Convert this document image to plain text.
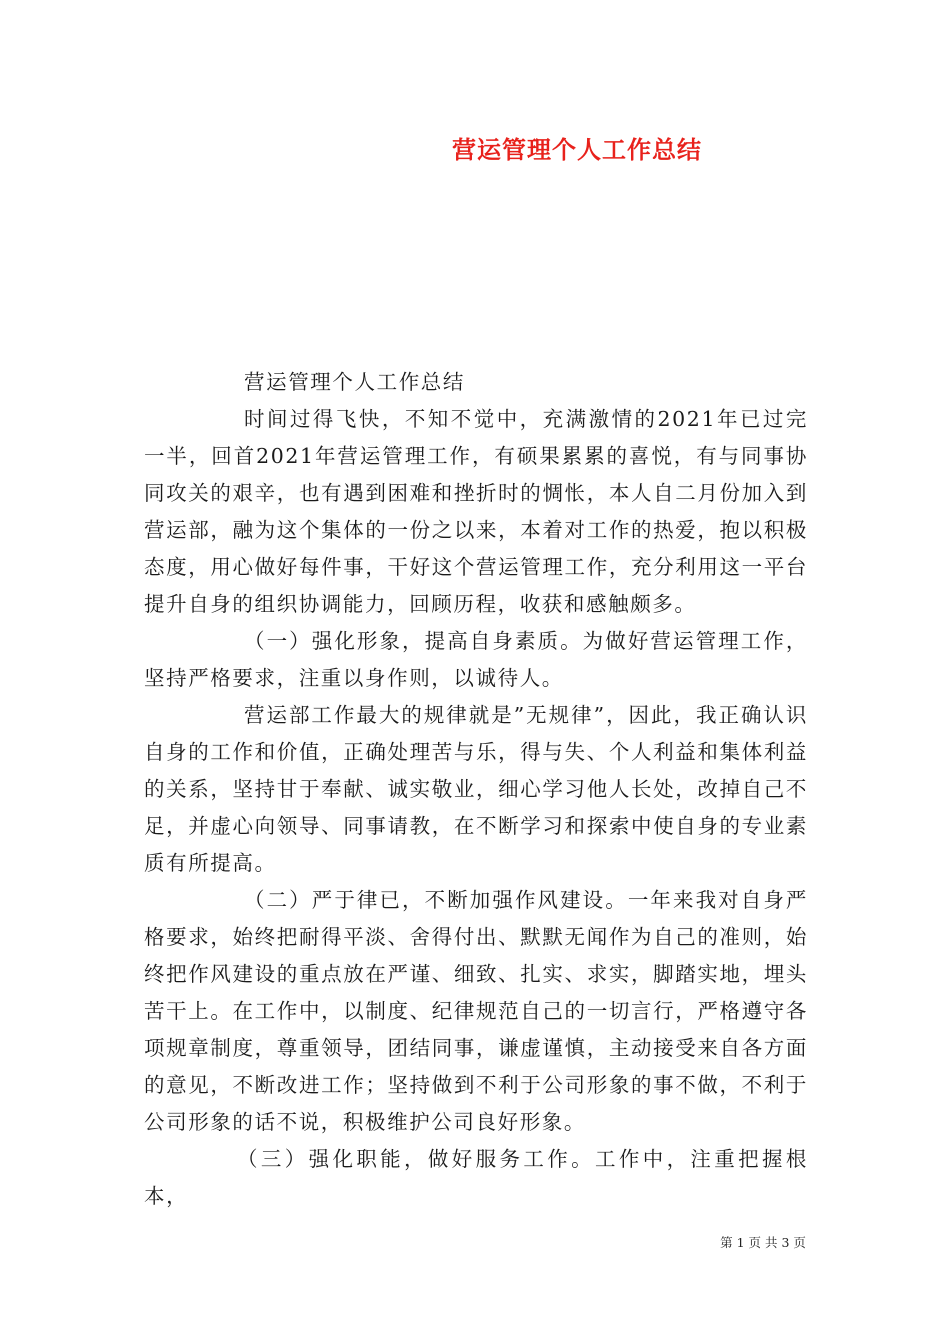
营运管理个人工作总结

营运管理个人工作总结

时间过得飞快，不知不觉中，充满激情的2021年已过完一半，回首2021年营运管理工作，有硕果累累的喜悦，有与同事协同攻关的艰辛，也有遇到困难和挫折时的惆怅，本人自二月份加入到营运部，融为这个集体的一份之以来，本着对工作的热爱，抱以积极态度，用心做好每件事，干好这个营运管理工作，充分利用这一平台提升自身的组织协调能力，回顾历程，收获和感触颇多。

（一）强化形象，提高自身素质。为做好营运管理工作，坚持严格要求，注重以身作则，以诚待人。

营运部工作最大的规律就是”无规律”，因此，我正确认识自身的工作和价值，正确处理苦与乐，得与失、个人利益和集体利益的关系，坚持甘于奉献、诚实敬业，细心学习他人长处，改掉自己不足，并虚心向领导、同事请教，在不断学习和探索中使自身的专业素质有所提高。

（二）严于律已，不断加强作风建设。一年来我对自身严格要求，始终把耐得平淡、舍得付出、默默无闻作为自己的准则，始终把作风建设的重点放在严谨、细致、扎实、求实，脚踏实地，埋头苦干上。在工作中，以制度、纪律规范自己的一切言行，严格遵守各项规章制度，尊重领导，团结同事，谦虚谨慎，主动接受来自各方面的意见，不断改进工作；坚持做到不利于公司形象的事不做，不利于公司形象的话不说，积极维护公司良好形象。

（三）强化职能，做好服务工作。工作中，注重把握根本，

第 1 页 共 3 页
